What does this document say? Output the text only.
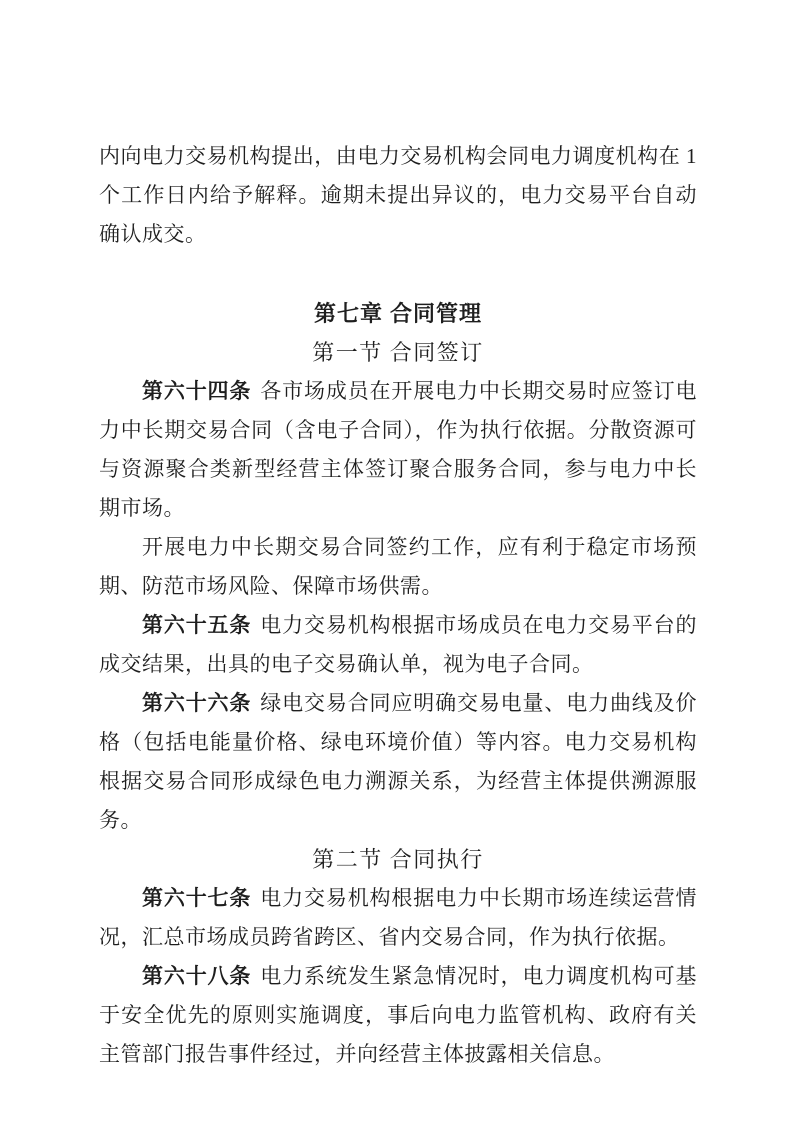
内向电力交易机构提出，由电力交易机构会同电力调度机构在 1 个工作日内给予解释。逾期未提出异议的，电力交易平台自动确认成交。

第七章 合同管理
第一节 合同签订

第六十四条 各市场成员在开展电力中长期交易时应签订电力中长期交易合同（含电子合同），作为执行依据。分散资源可与资源聚合类新型经营主体签订聚合服务合同，参与电力中长期市场。

开展电力中长期交易合同签约工作，应有利于稳定市场预期、防范市场风险、保障市场供需。

第六十五条 电力交易机构根据市场成员在电力交易平台的成交结果，出具的电子交易确认单，视为电子合同。

第六十六条 绿电交易合同应明确交易电量、电力曲线及价格（包括电能量价格、绿电环境价值）等内容。电力交易机构根据交易合同形成绿色电力溯源关系，为经营主体提供溯源服务。

第二节 合同执行

第六十七条 电力交易机构根据电力中长期市场连续运营情况，汇总市场成员跨省跨区、省内交易合同，作为执行依据。

第六十八条 电力系统发生紧急情况时，电力调度机构可基于安全优先的原则实施调度，事后向电力监管机构、政府有关主管部门报告事件经过，并向经营主体披露相关信息。
